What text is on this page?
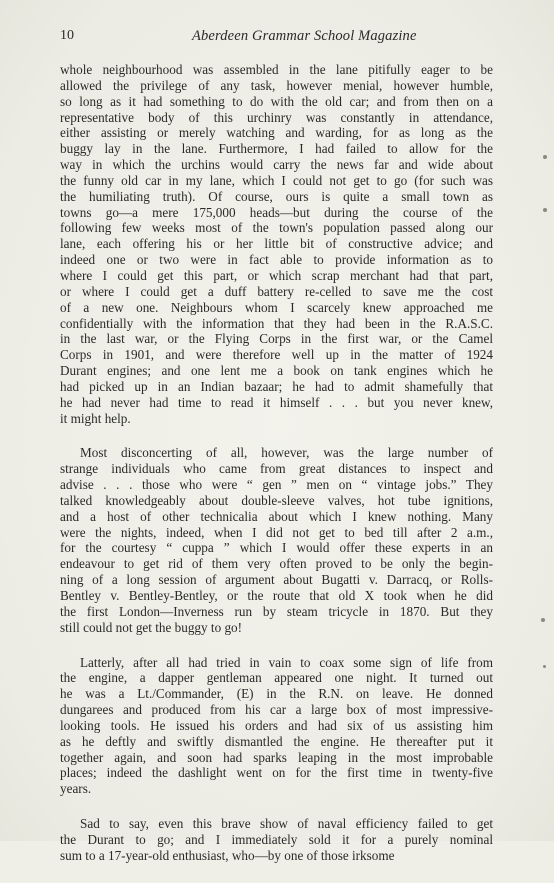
10	Aberdeen Grammar School Magazine
whole neighbourhood was assembled in the lane pitifully eager to be
allowed the privilege of any task, however menial, however humble,
so long as it had something to do with the old car; and from then on a
representative body of this urchinry was constantly in attendance,
either assisting or merely watching and warding, for as long as the
buggy lay in the lane. Furthermore, I had failed to allow for the
way in which the urchins would carry the news far and wide about
the funny old car in my lane, which I could not get to go (for such was
the humiliating truth). Of course, ours is quite a small town as
towns go—a mere 175,000 heads—but during the course of the
following few weeks most of the town's population passed along our
lane, each offering his or her little bit of constructive advice; and
indeed one or two were in fact able to provide information as to
where I could get this part, or which scrap merchant had that part,
or where I could get a duff battery re-celled to save me the cost
of a new one. Neighbours whom I scarcely knew approached me
confidentially with the information that they had been in the R.A.S.C.
in the last war, or the Flying Corps in the first war, or the Camel
Corps in 1901, and were therefore well up in the matter of 1924
Durant engines; and one lent me a book on tank engines which he
had picked up in an Indian bazaar; he had to admit shamefully that
he had never had time to read it himself . . . but you never knew,
it might help.
Most disconcerting of all, however, was the large number of
strange individuals who came from great distances to inspect and
advise . . . those who were “ gen ” men on “ vintage jobs.” They
talked knowledgeably about double-sleeve valves, hot tube ignitions,
and a host of other technicalia about which I knew nothing. Many
were the nights, indeed, when I did not get to bed till after 2 a.m.,
for the courtesy “ cuppa ” which I would offer these experts in an
endeavour to get rid of them very often proved to be only the begin-
ning of a long session of argument about Bugatti v. Darracq, or Rolls-
Bentley v. Bentley-Bentley, or the route that old X took when he did
the first London—Inverness run by steam tricycle in 1870. But they
still could not get the buggy to go!
Latterly, after all had tried in vain to coax some sign of life from
the engine, a dapper gentleman appeared one night. It turned out
he was a Lt./Commander, (E) in the R.N. on leave. He donned
dungarees and produced from his car a large box of most impressive-
looking tools. He issued his orders and had six of us assisting him
as he deftly and swiftly dismantled the engine. He thereafter put it
together again, and soon had sparks leaping in the most improbable
places; indeed the dashlight went on for the first time in twenty-five
years.
Sad to say, even this brave show of naval efficiency failed to get
the Durant to go; and I immediately sold it for a purely nominal
sum to a 17-year-old enthusiast, who—by one of those irksome
